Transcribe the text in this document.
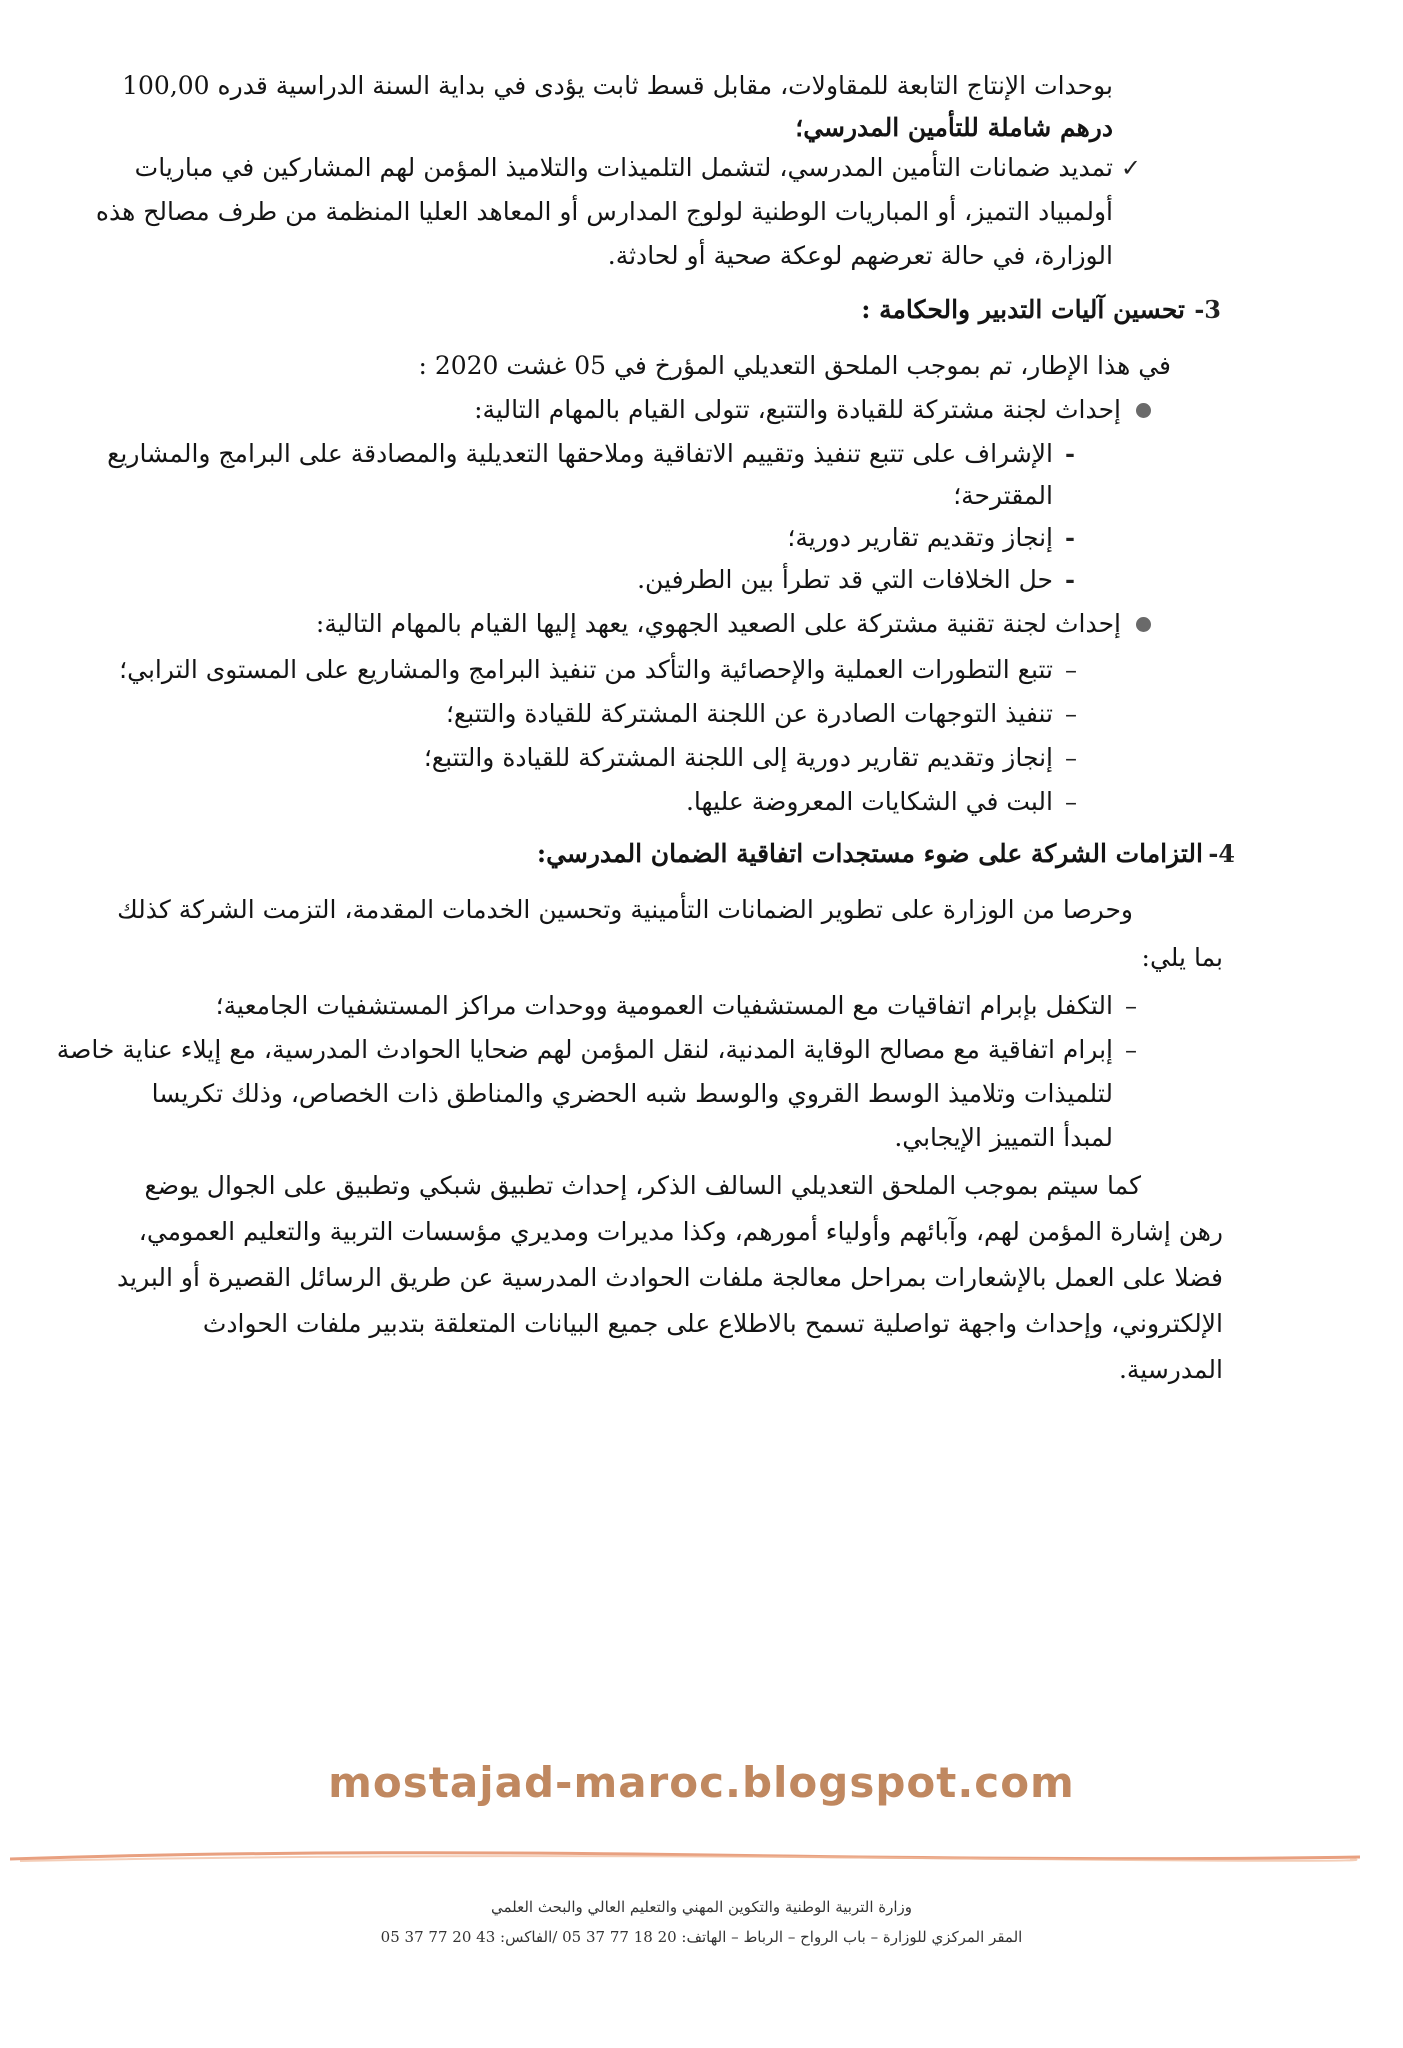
بوحدات الإنتاج التابعة للمقاولات، مقابل قسط ثابت يؤدى في بداية السنة الدراسية قدره 100,00
درهم شاملة للتأمين المدرسي؛
✓
تمديد ضمانات التأمين المدرسي، لتشمل التلميذات والتلاميذ المؤمن لهم المشاركين في مباريات
أولمبياد التميز، أو المباريات الوطنية لولوج المدارس أو المعاهد العليا المنظمة من طرف مصالح هذه
الوزارة، في حالة تعرضهم لوعكة صحية أو لحادثة.
3-
تحسين آليات التدبير والحكامة :
في هذا الإطار، تم بموجب الملحق التعديلي المؤرخ في 05 غشت 2020 :
إحداث لجنة مشتركة للقيادة والتتبع، تتولى القيام بالمهام التالية:
-
الإشراف على تتبع تنفيذ وتقييم الاتفاقية وملاحقها التعديلية والمصادقة على البرامج والمشاريع
المقترحة؛
-
إنجاز وتقديم تقارير دورية؛
-
حل الخلافات التي قد تطرأ بين الطرفين.
إحداث لجنة تقنية مشتركة على الصعيد الجهوي، يعهد إليها القيام بالمهام التالية:
–
تتبع التطورات العملية والإحصائية والتأكد من تنفيذ البرامج والمشاريع على المستوى الترابي؛
–
تنفيذ التوجهات الصادرة عن اللجنة المشتركة للقيادة والتتبع؛
–
إنجاز وتقديم تقارير دورية إلى اللجنة المشتركة للقيادة والتتبع؛
–
البت في الشكايات المعروضة عليها.
4-
التزامات الشركة على ضوء مستجدات اتفاقية الضمان المدرسي:
وحرصا من الوزارة على تطوير الضمانات التأمينية وتحسين الخدمات المقدمة، التزمت الشركة كذلك
بما يلي:
–
التكفل بإبرام اتفاقيات مع المستشفيات العمومية ووحدات مراكز المستشفيات الجامعية؛
–
إبرام اتفاقية مع مصالح الوقاية المدنية، لنقل المؤمن لهم ضحايا الحوادث المدرسية، مع إيلاء عناية خاصة
لتلميذات وتلاميذ الوسط القروي والوسط شبه الحضري والمناطق ذات الخصاص، وذلك تكريسا
لمبدأ التمييز الإيجابي.
كما سيتم بموجب الملحق التعديلي السالف الذكر، إحداث تطبيق شبكي وتطبيق على الجوال يوضع
رهن إشارة المؤمن لهم، وآبائهم وأولياء أمورهم، وكذا مديرات ومديري مؤسسات التربية والتعليم العمومي،
فضلا على العمل بالإشعارات بمراحل معالجة ملفات الحوادث المدرسية عن طريق الرسائل القصيرة أو البريد
الإلكتروني، وإحداث واجهة تواصلية تسمح بالاطلاع على جميع البيانات المتعلقة بتدبير ملفات الحوادث
المدرسية.
mostajad-maroc.blogspot.com
وزارة التربية الوطنية والتكوين المهني والتعليم العالي والبحث العلمي
المقر المركزي للوزارة – باب الرواح – الرباط – الهاتف: 20 18 77 37 05 /الفاكس: 43 20 77 37 05
